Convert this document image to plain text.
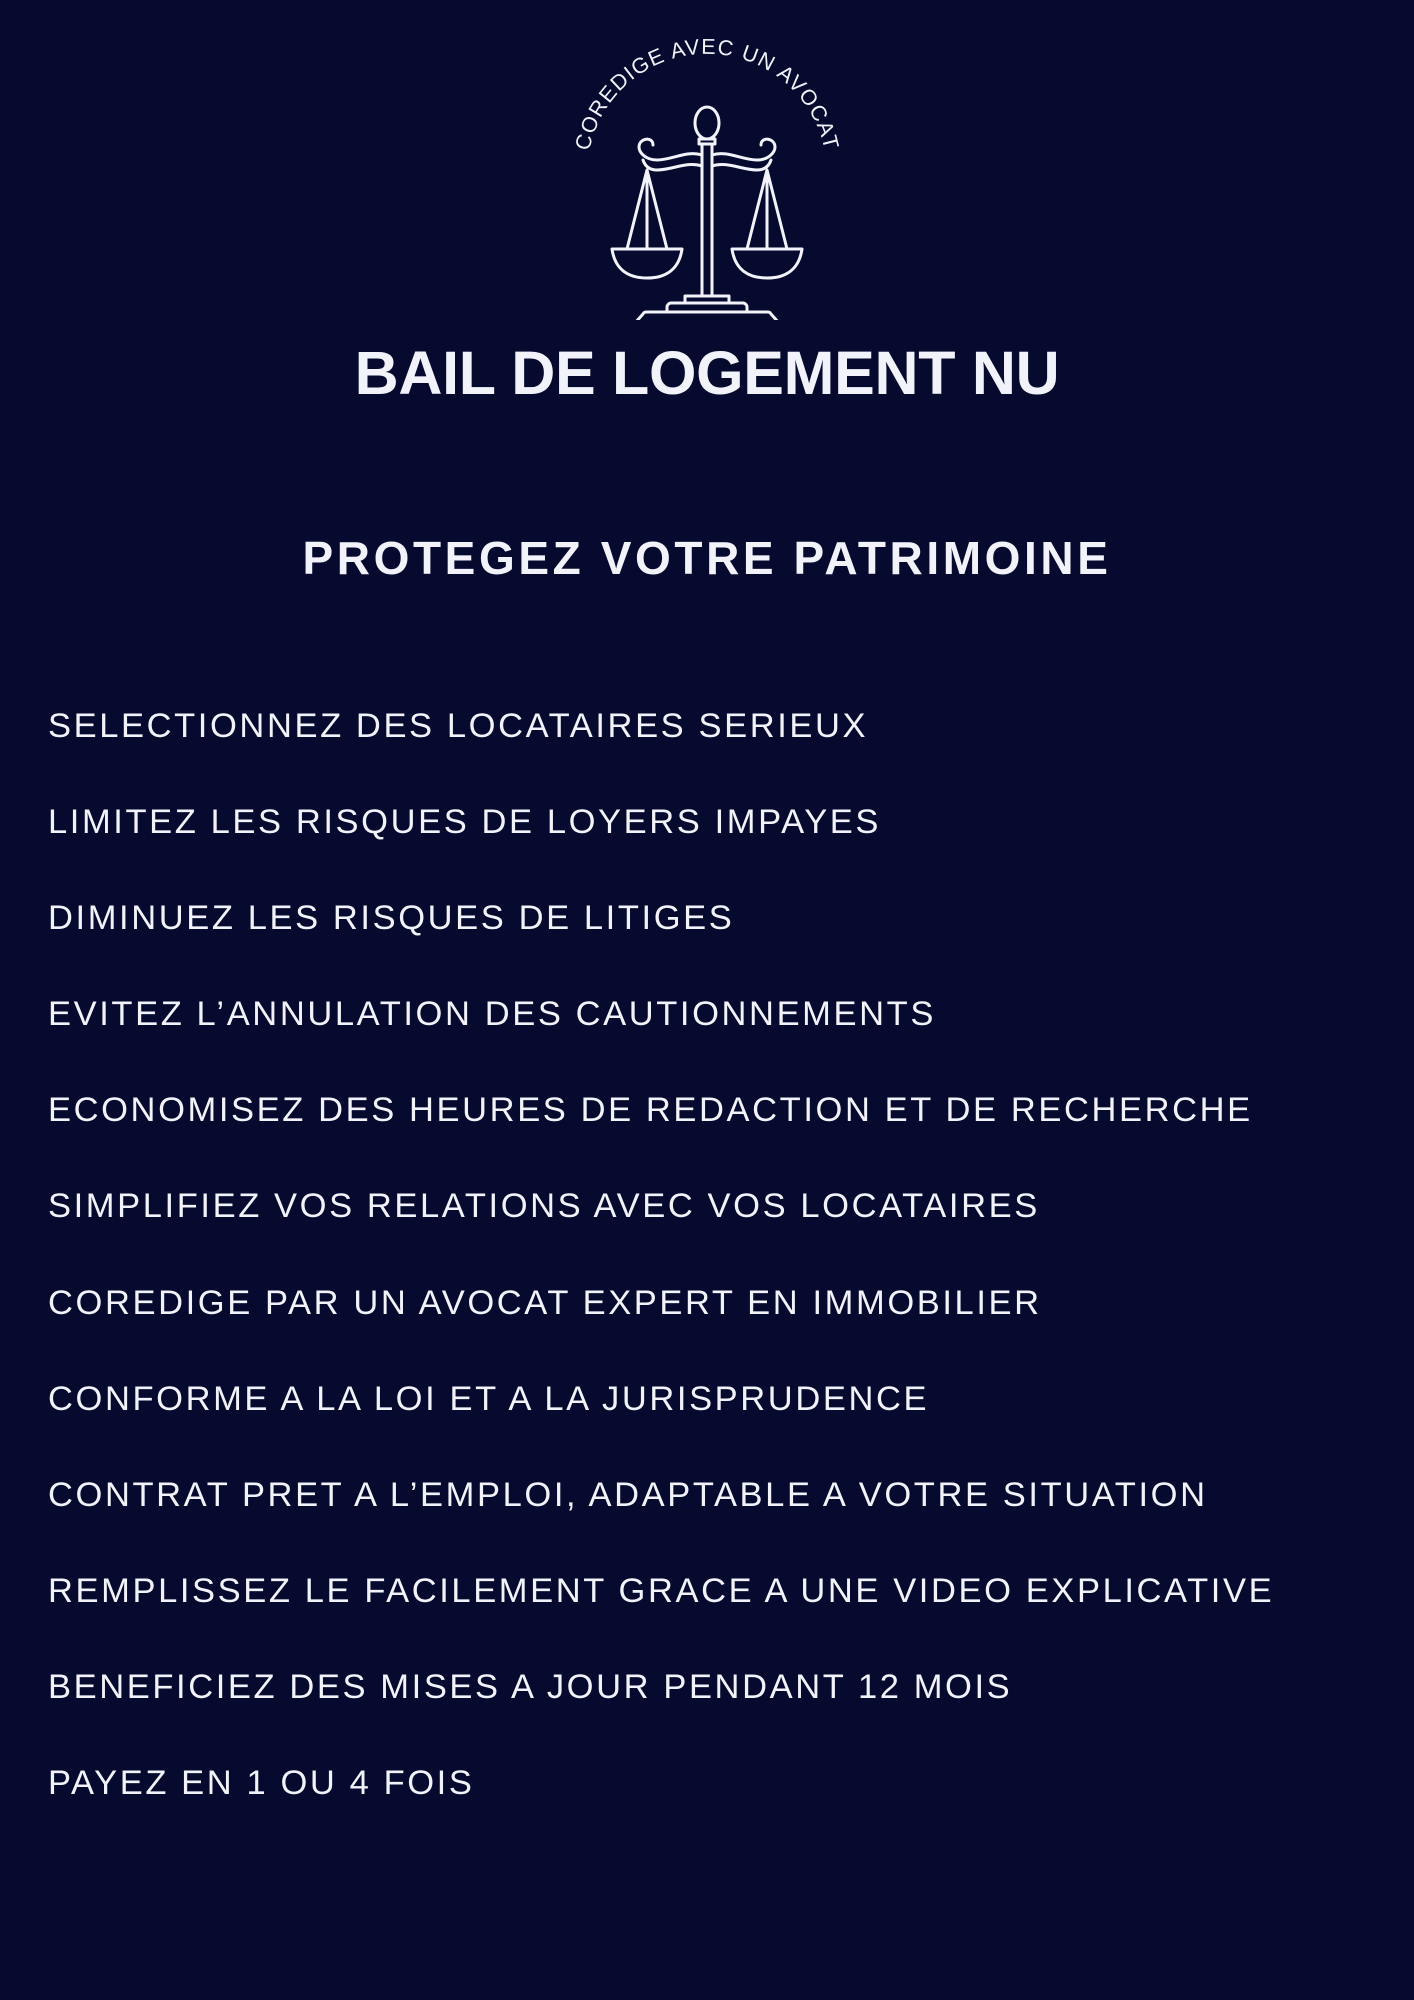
COREDIGE AVEC UN AVOCAT
BAIL DE LOGEMENT NU
PROTEGEZ VOTRE PATRIMOINE
SELECTIONNEZ DES LOCATAIRES SERIEUX
LIMITEZ LES RISQUES DE LOYERS IMPAYES
DIMINUEZ LES RISQUES DE LITIGES
EVITEZ L’ANNULATION DES CAUTIONNEMENTS
ECONOMISEZ DES HEURES DE REDACTION ET DE RECHERCHE
SIMPLIFIEZ VOS RELATIONS AVEC VOS LOCATAIRES
COREDIGE PAR UN AVOCAT EXPERT EN IMMOBILIER
CONFORME A LA LOI ET A LA JURISPRUDENCE
CONTRAT PRET A L’EMPLOI, ADAPTABLE A VOTRE SITUATION
REMPLISSEZ LE FACILEMENT GRACE A UNE VIDEO EXPLICATIVE
BENEFICIEZ DES MISES A JOUR PENDANT 12 MOIS
PAYEZ EN 1 OU 4 FOIS
